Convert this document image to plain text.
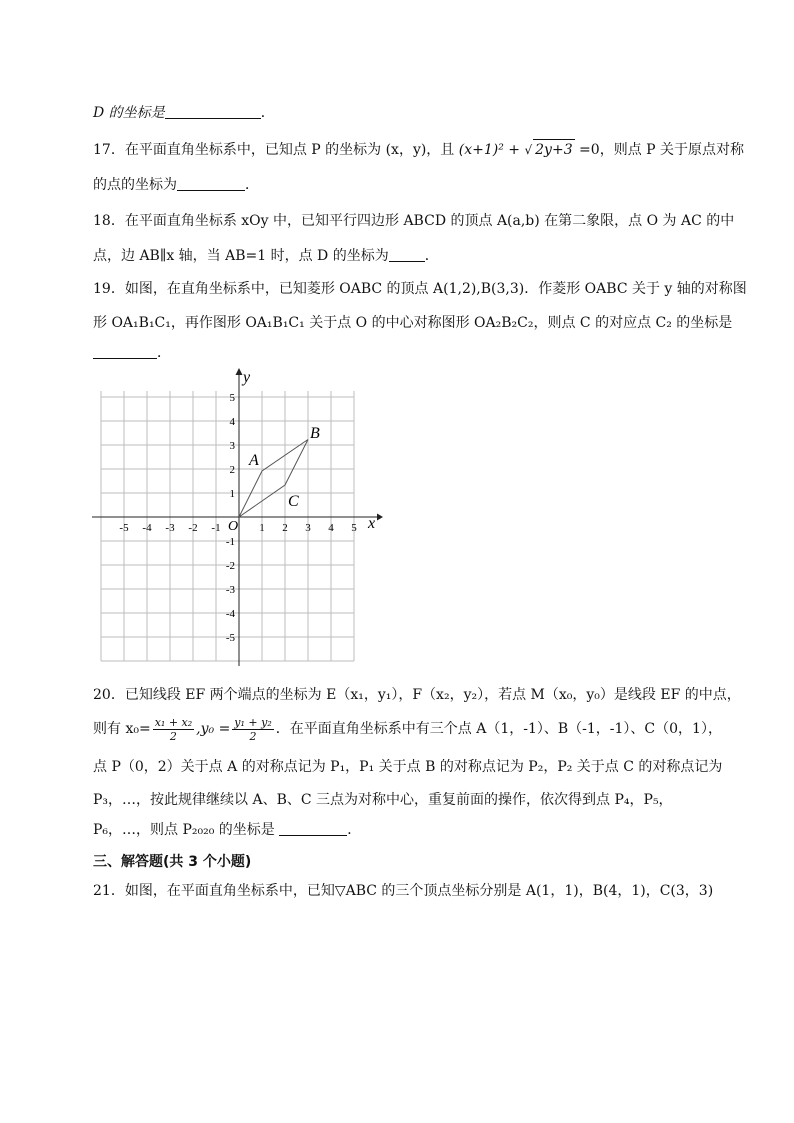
D 的坐标是	．
17．在平面直角坐标系中，已知点 P 的坐标为 (x，y)，且 (x+1)² + √ 2y+3 =0，则点 P 关于原点对称
的点的坐标为	．
18．在平面直角坐标系 xOy 中，已知平行四边形 ABCD 的顶点 A(a,b) 在第二象限，点 O 为 AC 的中
点，边 AB∥x 轴，当 AB=1 时，点 D 的坐标为	．
19．如图，在直角坐标系中，已知菱形 OABC 的顶点 A(1,2),B(3,3)．作菱形 OABC 关于 y 轴的对称图
形 OA₁B₁C₁，再作图形 OA₁B₁C₁ 关于点 O 的中心对称图形 OA₂B₂C₂，则点 C 的对应点 C₂ 的坐标是
．
-5 -4 -3 -2 -1	1 2 3 4 5
5
4
3
2
1
-1
-2
-3
-4
-5
O	x
y
A
B
C
20．已知线段 EF 两个端点的坐标为 E（x₁，y₁），F（x₂，y₂），若点 M（x₀，y₀）是线段 EF 的中点，
则有 $x_0= \frac{\text{x₁ + x₂}}{2} ,y_0 = \frac{\text{y₁ + y₂}}{2}$ ．在平面直角坐标系中有三个点 A（1，-1）、B（-1，-1）、C（0，1），
点 P（0，2）关于点 A 的对称点记为 P₁，P₁ 关于点 B 的对称点记为 P₂，P₂ 关于点 C 的对称点记为
P₃，…，按此规律继续以 A、B、C 三点为对称中心，重复前面的操作，依次得到点 P₄，P₅，
P₆，…，则点 P₂₀₂₀ 的坐标是	．
三、解答题(共 3 个小题)
21．如图，在平面直角坐标系中，已知▽ABC 的三个顶点坐标分别是 A(1，1)，B(4，1)，C(3，3)
